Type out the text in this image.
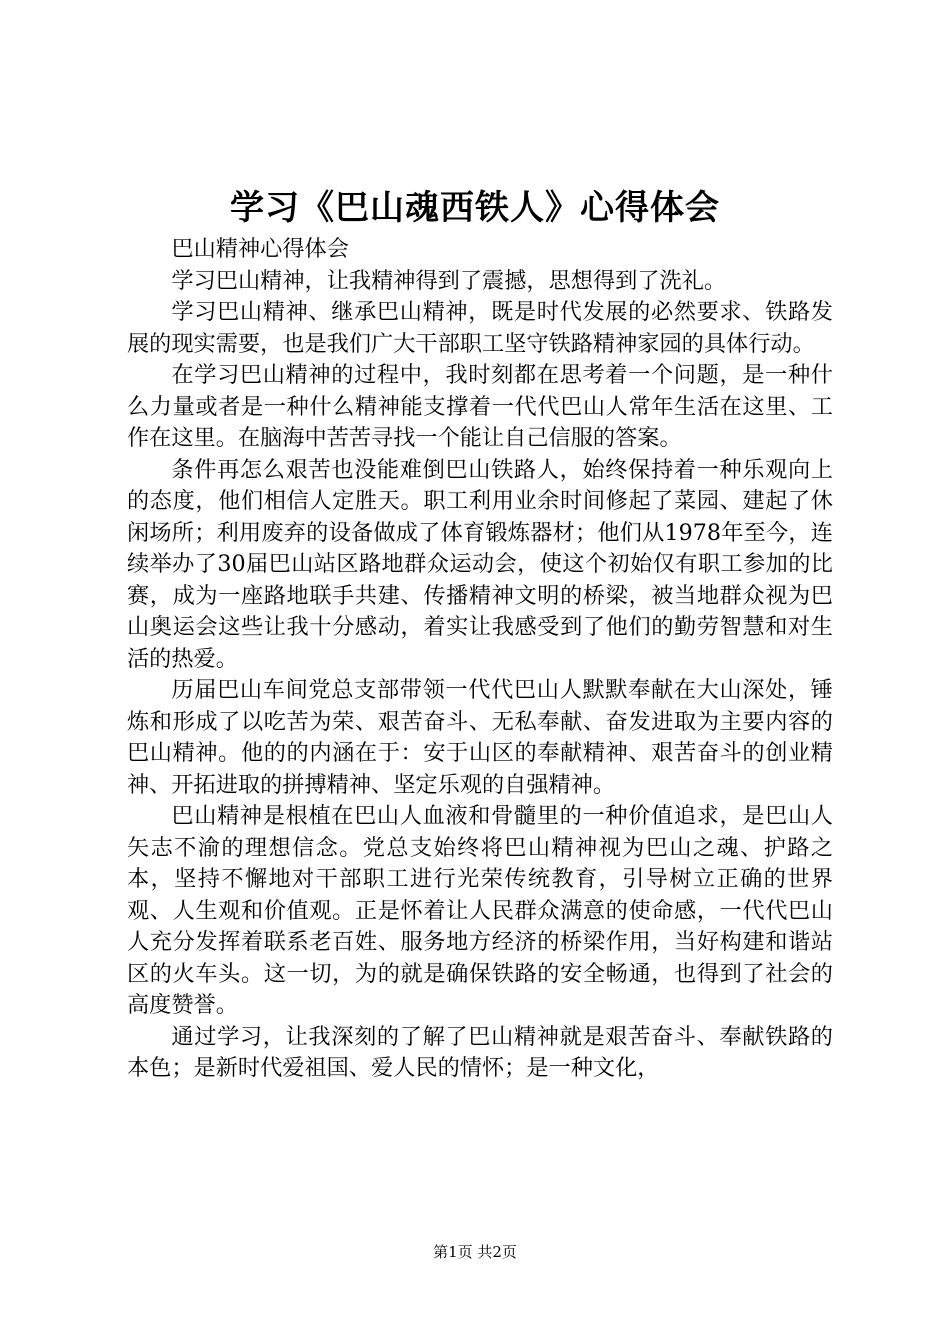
学习《巴山魂西铁人》心得体会

巴山精神心得体会

学习巴山精神，让我精神得到了震撼，思想得到了洗礼。

学习巴山精神、继承巴山精神，既是时代发展的必然要求、铁路发展的现实需要，也是我们广大干部职工坚守铁路精神家园的具体行动。

在学习巴山精神的过程中，我时刻都在思考着一个问题，是一种什么力量或者是一种什么精神能支撑着一代代巴山人常年生活在这里、工作在这里。在脑海中苦苦寻找一个能让自己信服的答案。

条件再怎么艰苦也没能难倒巴山铁路人，始终保持着一种乐观向上的态度，他们相信人定胜天。职工利用业余时间修起了菜园、建起了休闲场所；利用废弃的设备做成了体育锻炼器材；他们从1978年至今，连续举办了30届巴山站区路地群众运动会，使这个初始仅有职工参加的比赛，成为一座路地联手共建、传播精神文明的桥梁，被当地群众视为巴山奥运会这些让我十分感动，着实让我感受到了他们的勤劳智慧和对生活的热爱。

历届巴山车间党总支部带领一代代巴山人默默奉献在大山深处，锤炼和形成了以吃苦为荣、艰苦奋斗、无私奉献、奋发进取为主要内容的巴山精神。他的的内涵在于：安于山区的奉献精神、艰苦奋斗的创业精神、开拓进取的拼搏精神、坚定乐观的自强精神。

巴山精神是根植在巴山人血液和骨髓里的一种价值追求，是巴山人矢志不渝的理想信念。党总支始终将巴山精神视为巴山之魂、护路之本，坚持不懈地对干部职工进行光荣传统教育，引导树立正确的世界观、人生观和价值观。正是怀着让人民群众满意的使命感，一代代巴山人充分发挥着联系老百姓、服务地方经济的桥梁作用，当好构建和谐站区的火车头。这一切，为的就是确保铁路的安全畅通，也得到了社会的高度赞誉。

通过学习，让我深刻的了解了巴山精神就是艰苦奋斗、奉献铁路的本色；是新时代爱祖国、爱人民的情怀；是一种文化，

第1页 共2页
